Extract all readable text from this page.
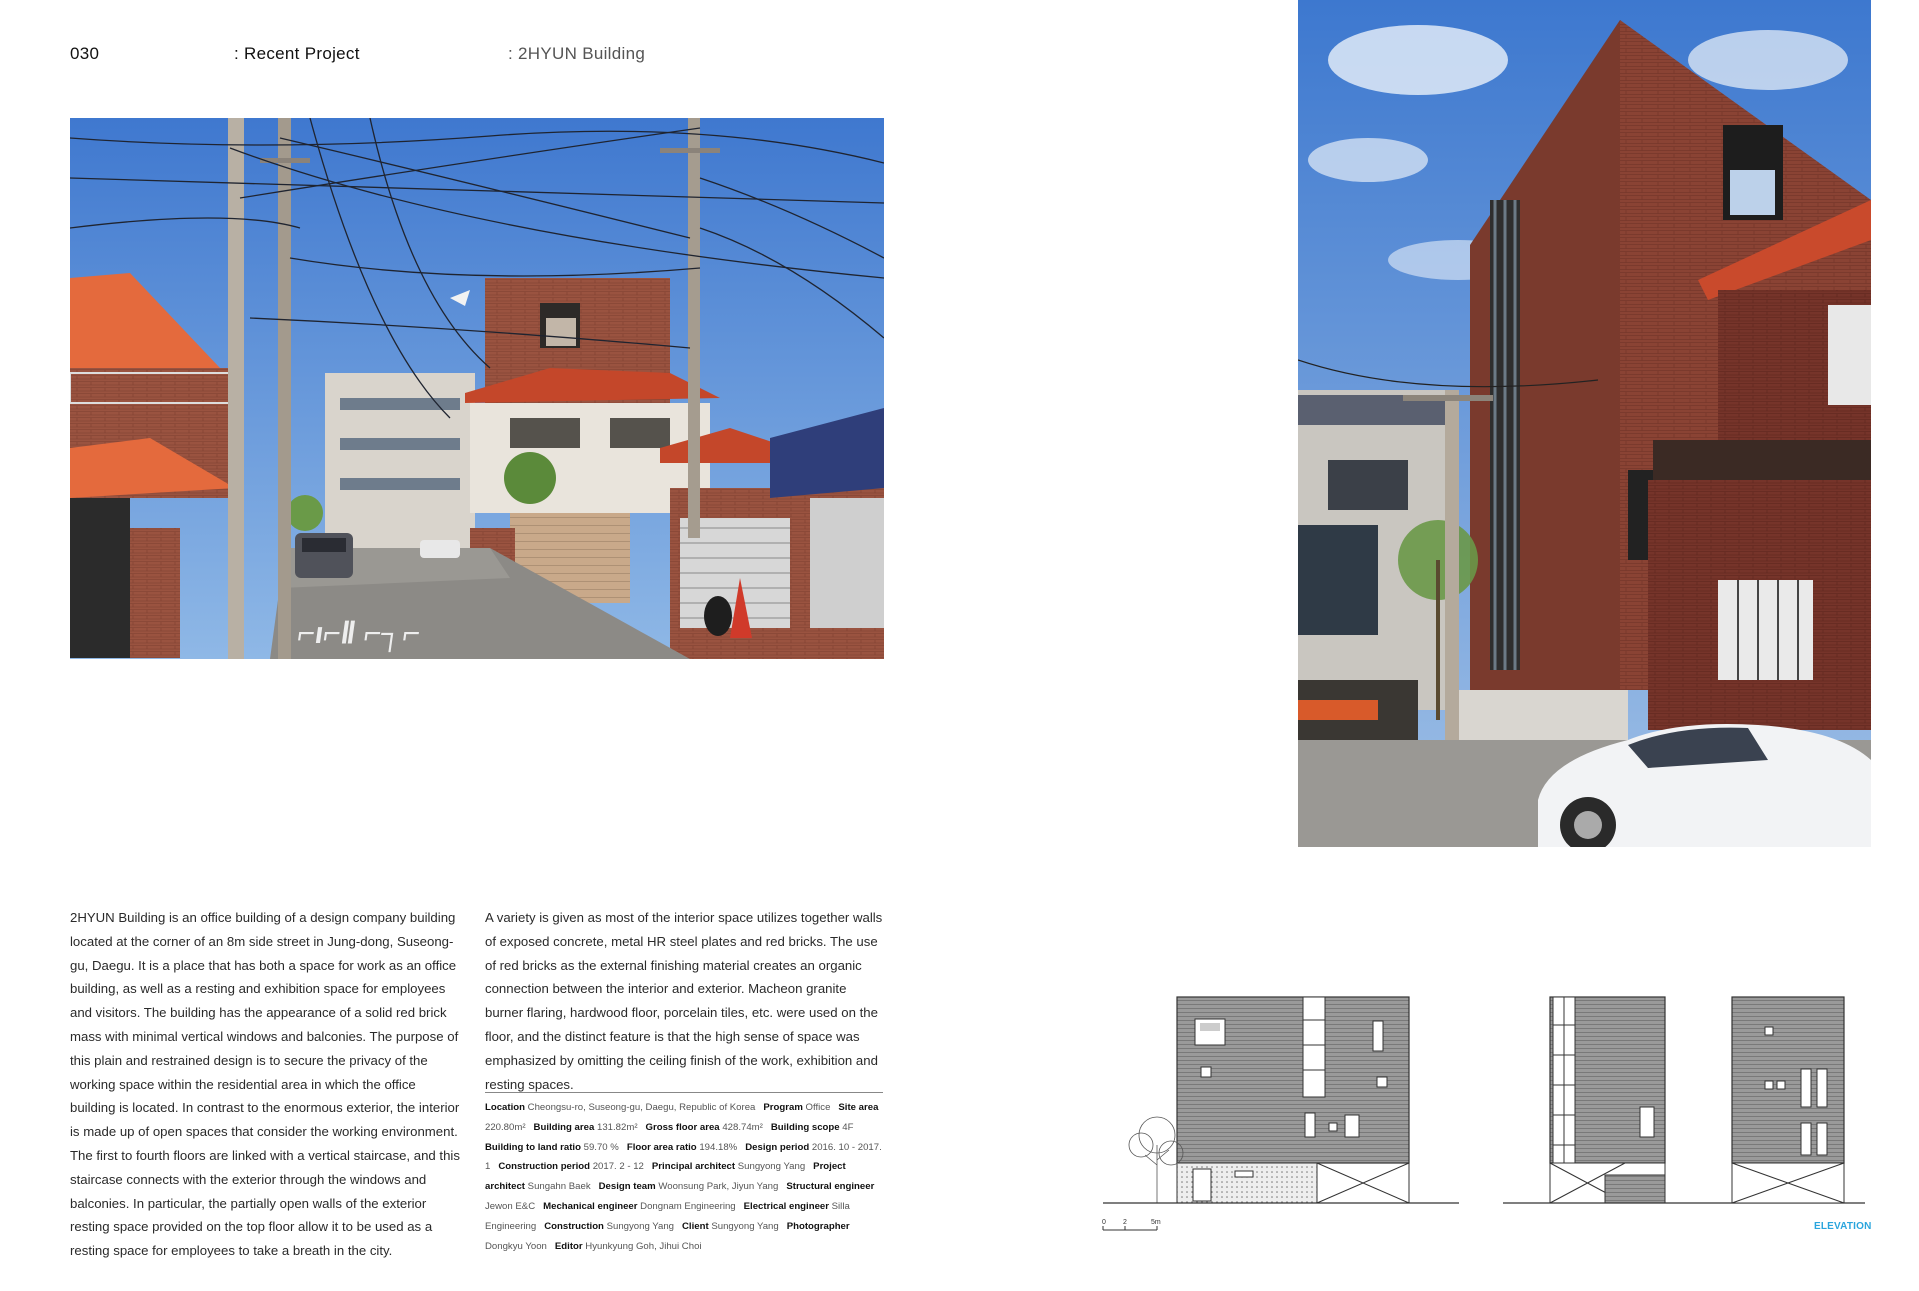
030	: Recent Project	: 2HYUN Building
⌐ı⌐Ⅱ ⌐┐⌐
2HYUN Building is an office building of a design company building located at the corner of an 8m side street in Jung-dong, Suseong-gu, Daegu. It is a place that has both a space for work as an office building, as well as a resting and exhibition space for employees and visitors. The building has the appearance of a solid red brick mass with minimal vertical windows and balconies. The purpose of this plain and restrained design is to secure the privacy of the working space within the residential area in which the office building is located. In contrast to the enormous exterior, the interior is made up of open spaces that consider the working environment. The first to fourth floors are linked with a vertical staircase, and this staircase connects with the exterior through the windows and balconies. In particular, the partially open walls of the exterior resting space provided on the top floor allow it to be used as a resting space for employees to take a breath in the city.
A variety is given as most of the interior space utilizes together walls of exposed concrete, metal HR steel plates and red bricks. The use of red bricks as the external finishing material creates an organic connection between the interior and exterior. Macheon granite burner flaring, hardwood floor, porcelain tiles, etc. were used on the floor, and the distinct feature is that the high sense of space was emphasized by omitting the ceiling finish of the work, exhibition and resting spaces.
Location Cheongsu-ro, Suseong-gu, Daegu, Republic of Korea Program Office Site area 220.80m² Building area 131.82m² Gross floor area 428.74m² Building scope 4F   Building to land ratio 59.70 % Floor area ratio 194.18% Design period 2016. 10 - 2017. 1 Construction period 2017. 2 - 12 Principal architect Sungyong Yang Project architect Sungahn Baek Design team Woonsung Park, Jiyun Yang Structural engineer Jewon E&C Mechanical engineer Dongnam Engineering Electrical engineer Silla Engineering Construction Sungyong Yang Client Sungyong Yang Photographer Dongkyu Yoon Editor Hyunkyung Goh, Jihui Choi
0 2	5m	ELEVATION
